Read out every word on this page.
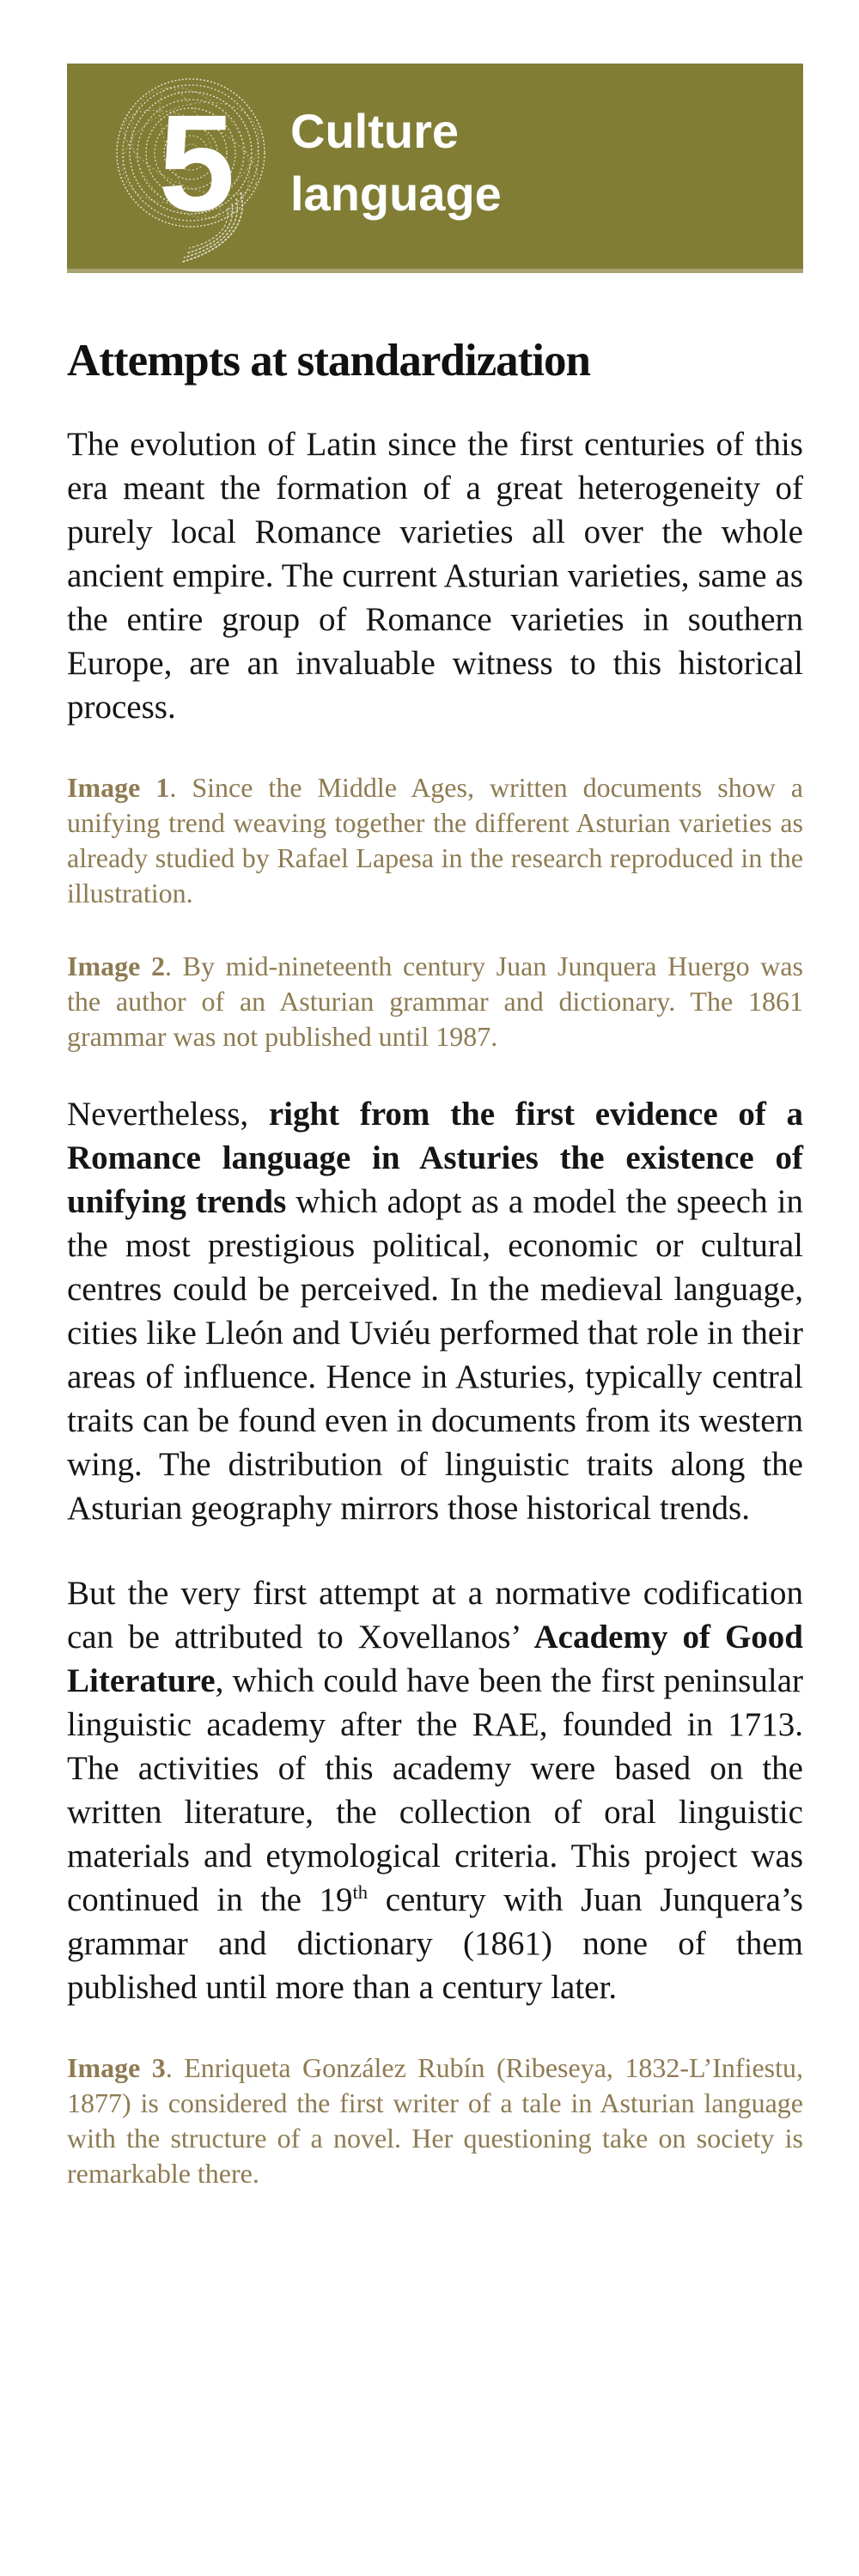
5 Culture
language
Attempts at standardization

The evolution of Latin since the first centuries of this era meant the formation of a great heterogeneity of purely local Romance varieties all over the whole ancient empire. The current Asturian varieties, same as the entire group of Romance varieties in southern Europe, are an invaluable witness to this historical process.

Image 1. Since the Middle Ages, written documents show a unifying trend weaving together the different Asturian varieties as already studied by Rafael Lapesa in the research reproduced in the illustration.

Image 2. By mid-nineteenth century Juan Junquera Huergo was the author of an Asturian grammar and dictionary. The 1861 grammar was not published until 1987.

Nevertheless, right from the first evidence of a Romance language in Asturies the existence of unifying trends which adopt as a model the speech in the most prestigious political, economic or cultural centres could be perceived. In the medieval language, cities like Lleón and Uviéu performed that role in their areas of influence. Hence in Asturies, typically central traits can be found even in documents from its western wing. The distribution of linguistic traits along the Asturian geography mirrors those historical trends.

But the very first attempt at a normative codification can be attributed to Xovellanos’ Academy of Good Literature, which could have been the first peninsular linguistic academy after the RAE, founded in 1713. The activities of this academy were based on the written literature, the collection of oral linguistic materials and etymological criteria. This project was continued in the 19th century with Juan Junquera’s grammar and dictionary (1861) none of them published until more than a century later.

Image 3. Enriqueta González Rubín (Ribeseya, 1832-L’Infiestu, 1877) is considered the first writer of a tale in Asturian language with the structure of a novel. Her questioning take on society is remarkable there.
